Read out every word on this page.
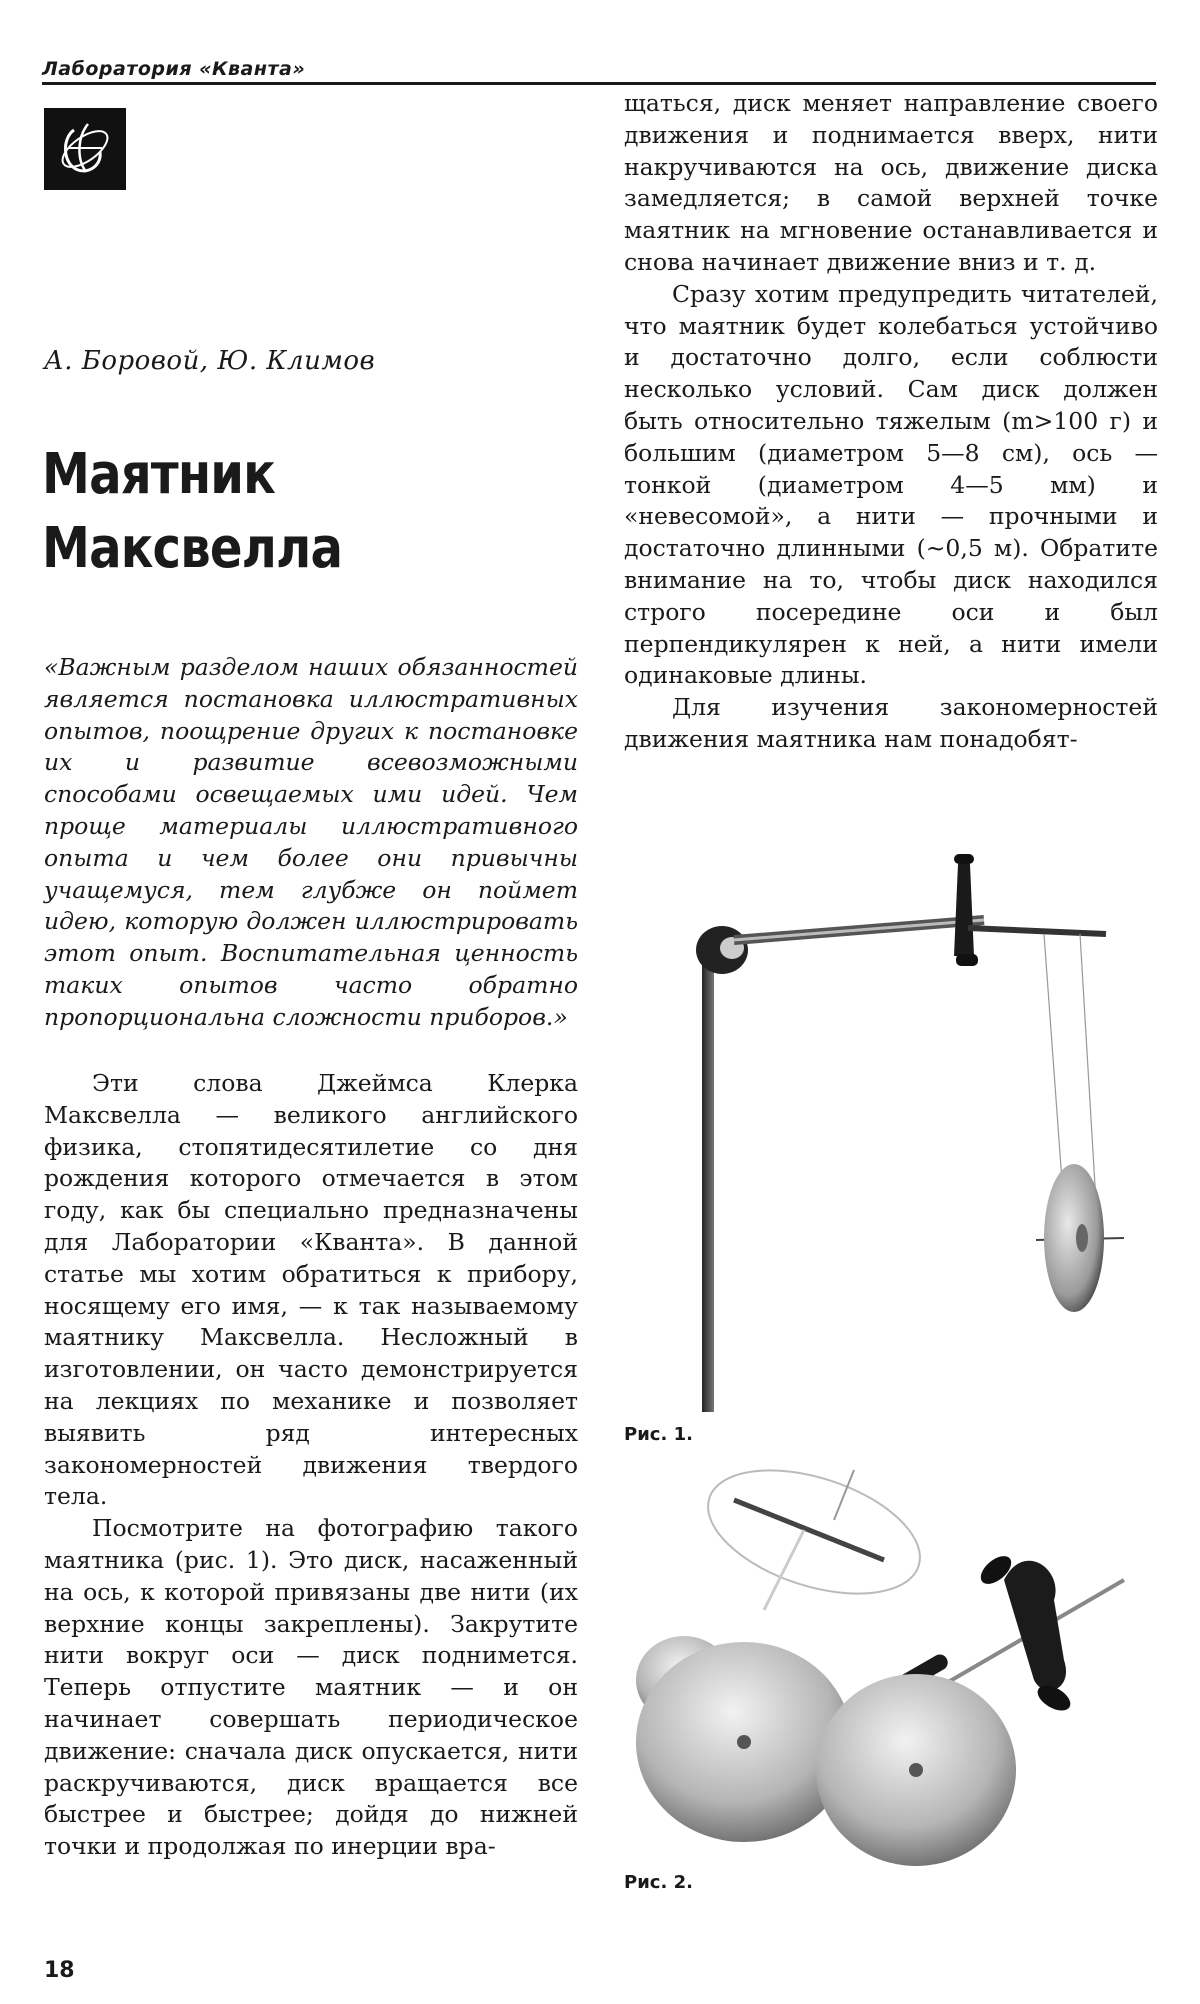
Лаборатория «Кванта»
А. Боровой, Ю. Климов
Маятник
Максвелла

«Важным разделом наших обязанностей является постановка иллюстративных опытов, поощрение других к постановке их и развитие всевозможными способами освещаемых ими идей. Чем проще материалы иллюстративного опыта и чем более они привычны учащемуся, тем глубже он поймет идею, которую должен иллюстрировать этот опыт. Воспитательная ценность таких опытов часто обратно пропорциональна сложности приборов.»

Эти слова Джеймса Клерка Максвелла — великого английского физика, стопятидесятилетие со дня рождения которого отмечается в этом году, как бы специально предназначены для Лаборатории «Кванта». В данной статье мы хотим обратиться к прибору, носящему его имя, — к так называемому маятнику Максвелла. Несложный в изготовлении, он часто демонстрируется на лекциях по механике и позволяет выявить ряд интересных закономерностей движения твердого тела.

Посмотрите на фотографию такого маятника (рис. 1). Это диск, насаженный на ось, к которой привязаны две нити (их верхние концы закреплены). Закрутите нити вокруг оси — диск поднимется. Теперь отпустите маятник — и он начинает совершать периодическое движение: сначала диск опускается, нити раскручиваются, диск вращается все быстрее и быстрее; дойдя до нижней точки и продолжая по инерции вра-

щаться, диск меняет направление своего движения и поднимается вверх, нити накручиваются на ось, движение диска замедляется; в самой верхней точке маятник на мгновение останавливается и снова начинает движение вниз и т. д.

Сразу хотим предупредить читателей, что маятник будет колебаться устойчиво и достаточно долго, если соблюсти несколько условий. Сам диск должен быть относительно тяжелым (m>100 г) и большим (диаметром 5—8 см), ось — тонкой (диаметром 4—5 мм) и «невесомой», а нити — прочными и достаточно длинными (~0,5 м). Обратите внимание на то, чтобы диск находился строго посередине оси и был перпендикулярен к ней, а нити имели одинаковые длины.

Для изучения закономерностей движения маятника нам понадобят-

Рис. 1.
Рис. 2.
18
